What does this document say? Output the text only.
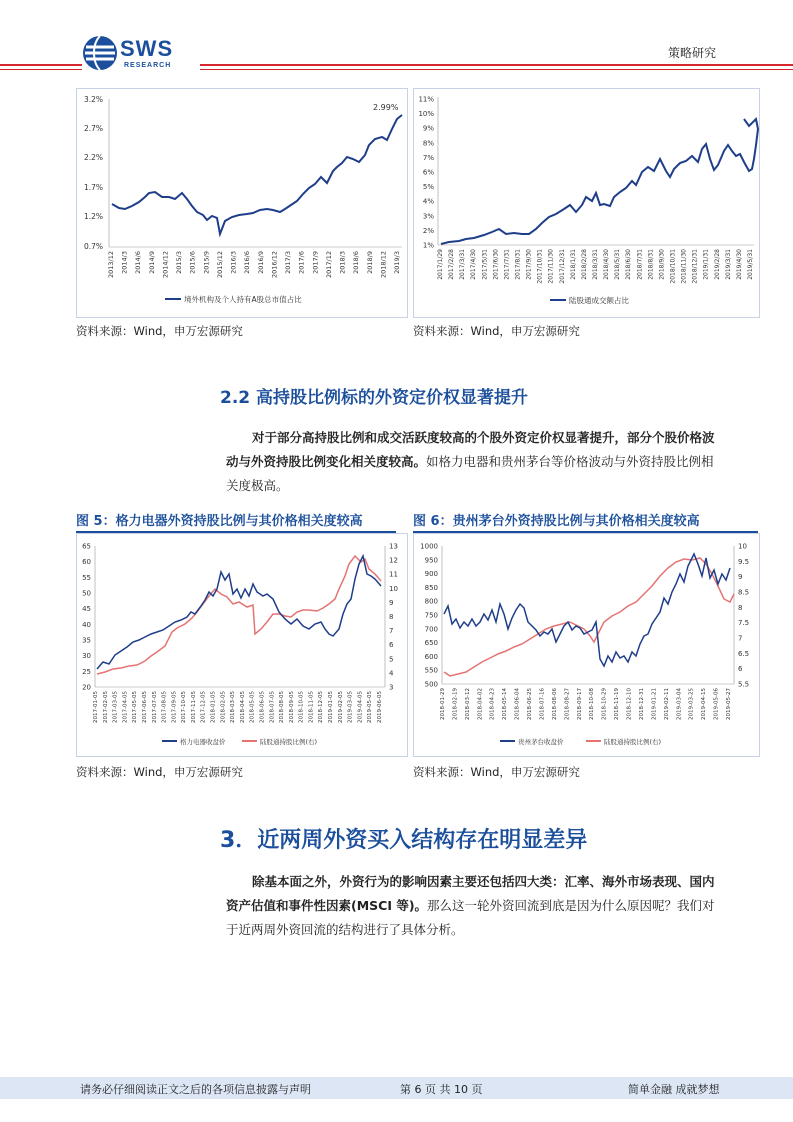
SWS
RESEARCH
策略研究
3.2%
2.7%
2.2%
1.7%
1.2%
0.7%
2013/12 2014/3 2014/6 2014/9 2014/12 2015/3 2015/6 2015/9 2015/12 2016/3 2016/6 2016/9 2016/12 2017/3 2017/6 2017/9 2017/12 2018/3 2018/6 2018/9 2018/12 2019/3
2.99%
境外机构及个人持有A股总市值占比
11%
10%
9%
8%
7%
6%
5%
4%
3%
2%
1%
2017/1/29 2017/2/28 2017/3/31 2017/4/30 2017/5/31 2017/6/30 2017/7/31 2017/8/31 2017/9/30 2017/10/31 2017/11/30 2017/12/31 2018/1/31 2018/2/28 2018/3/31 2018/4/30 2018/5/31 2018/6/30 2018/7/31 2018/8/31 2018/9/30 2018/10/31 2018/11/30 2018/12/31 2019/1/31 2019/2/28 2019/3/31 2019/4/30 2019/5/31
陆股通成交额占比
资料来源：Wind，申万宏源研究	资料来源：Wind，申万宏源研究
2.2 高持股比例标的外资定价权显著提升
对于部分高持股比例和成交活跃度较高的个股外资定价权显著提升，部分个股价格波动与外资持股比例变化相关度较高。如格力电器和贵州茅台等价格波动与外资持股比例相关度极高。
图 5：格力电器外资持股比例与其价格相关度较高	图 6：贵州茅台外资持股比例与其价格相关度较高
65
60
55
50
45
40
35
30
25
20
13
12
11
10
9
8
7
6
5
4
3
2017-01-05 2017-02-05 2017-03-05 2017-04-05 2017-05-05 2017-06-05 2017-07-05 2017-08-05 2017-09-05 2017-10-05 2017-11-05 2017-12-05 2018-01-05 2018-02-05 2018-03-05 2018-04-05 2018-05-05 2018-06-05 2018-07-05 2018-08-05 2018-09-05 2018-10-05 2018-11-05 2018-12-05 2019-01-05 2019-02-05 2019-03-05 2019-04-05 2019-05-05 2019-06-05
格力电器收盘价	陆股通持股比例(右)
1000
950
900
850
800
750
700
650
600
550
500
10
9.5
9
8.5
8
7.5
7
6.5
6
5.5
2018-01-29 2018-02-19 2018-03-12 2018-04-02 2018-04-23 2018-05-14 2018-06-04 2018-06-25 2018-07-16 2018-08-06 2018-08-27 2018-09-17 2018-10-08 2018-10-29 2018-11-19 2018-12-10 2018-12-31 2019-01-21 2019-02-11 2019-03-04 2019-03-25 2019-04-15 2019-05-06 2019-05-27
贵州茅台收盘价	陆股通持股比例(右)
资料来源：Wind，申万宏源研究	资料来源：Wind，申万宏源研究
3．近两周外资买入结构存在明显差异
除基本面之外，外资行为的影响因素主要还包括四大类：汇率、海外市场表现、国内资产估值和事件性因素(MSCI 等)。那么这一轮外资回流到底是因为什么原因呢？我们对于近两周外资回流的结构进行了具体分析。
请务必仔细阅读正文之后的各项信息披露与声明	第 6 页 共 10 页	简单金融 成就梦想
